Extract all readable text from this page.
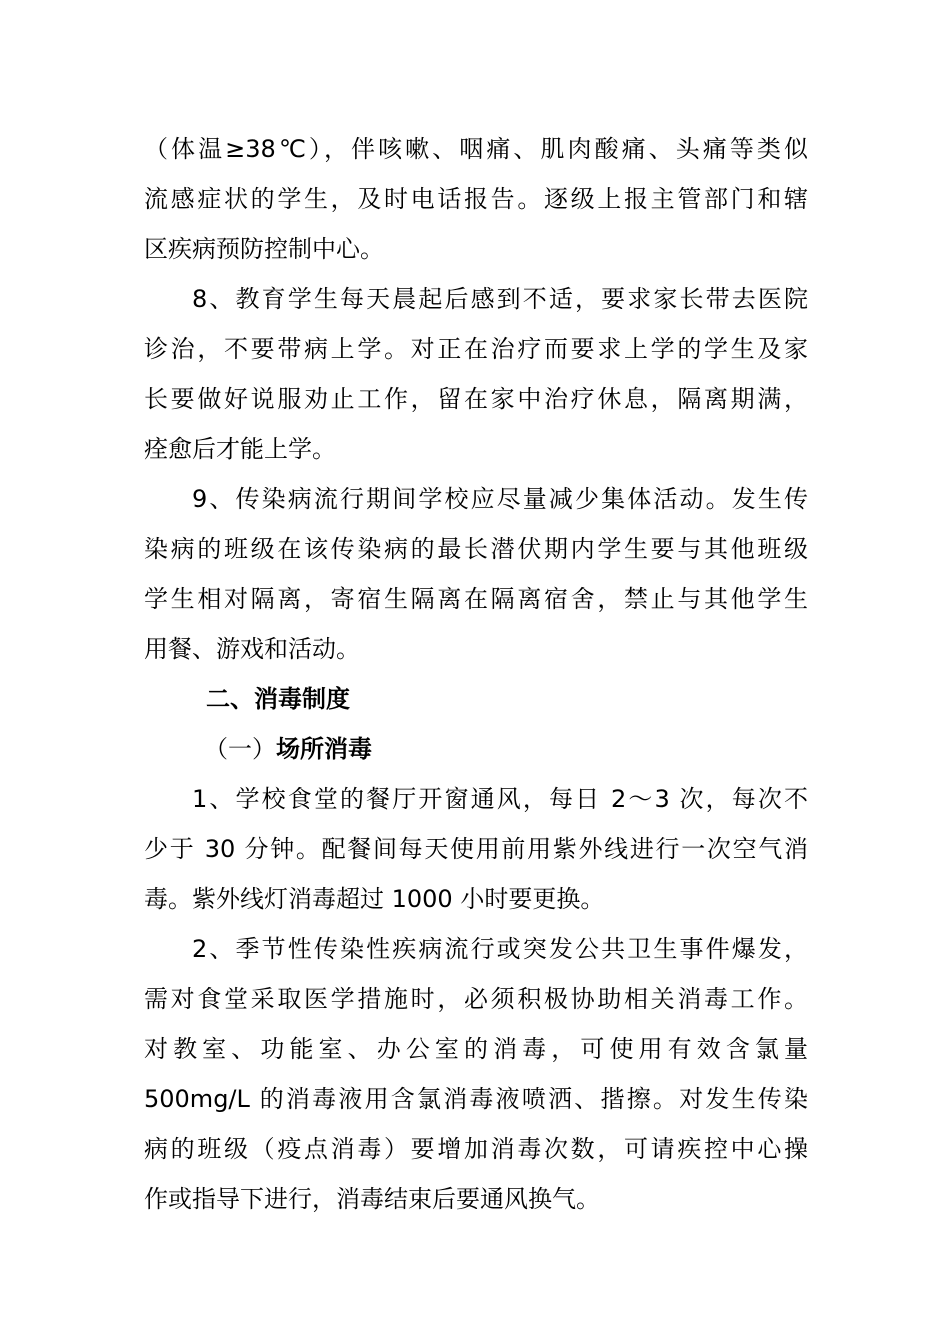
（体温≥38℃），伴咳嗽、咽痛、肌肉酸痛、头痛等类似
流感症状的学生，及时电话报告。逐级上报主管部门和辖
区疾病预防控制中心。
8、教育学生每天晨起后感到不适，要求家长带去医院
诊治，不要带病上学。对正在治疗而要求上学的学生及家
长要做好说服劝止工作，留在家中治疗休息，隔离期满，
痊愈后才能上学。
9、传染病流行期间学校应尽量减少集体活动。发生传
染病的班级在该传染病的最长潜伏期内学生要与其他班级
学生相对隔离，寄宿生隔离在隔离宿舍，禁止与其他学生
用餐、游戏和活动。
二、消毒制度
（一）场所消毒
1、学校食堂的餐厅开窗通风，每日 2～3 次，每次不
少于 30 分钟。配餐间每天使用前用紫外线进行一次空气消
毒。紫外线灯消毒超过 1000 小时要更换。
2、季节性传染性疾病流行或突发公共卫生事件爆发，
需对食堂采取医学措施时，必须积极协助相关消毒工作。
对教室、功能室、办公室的消毒，可使用有效含氯量
500mg/L 的消毒液用含氯消毒液喷洒、揩擦。对发生传染
病的班级（疫点消毒）要增加消毒次数，可请疾控中心操
作或指导下进行，消毒结束后要通风换气。
